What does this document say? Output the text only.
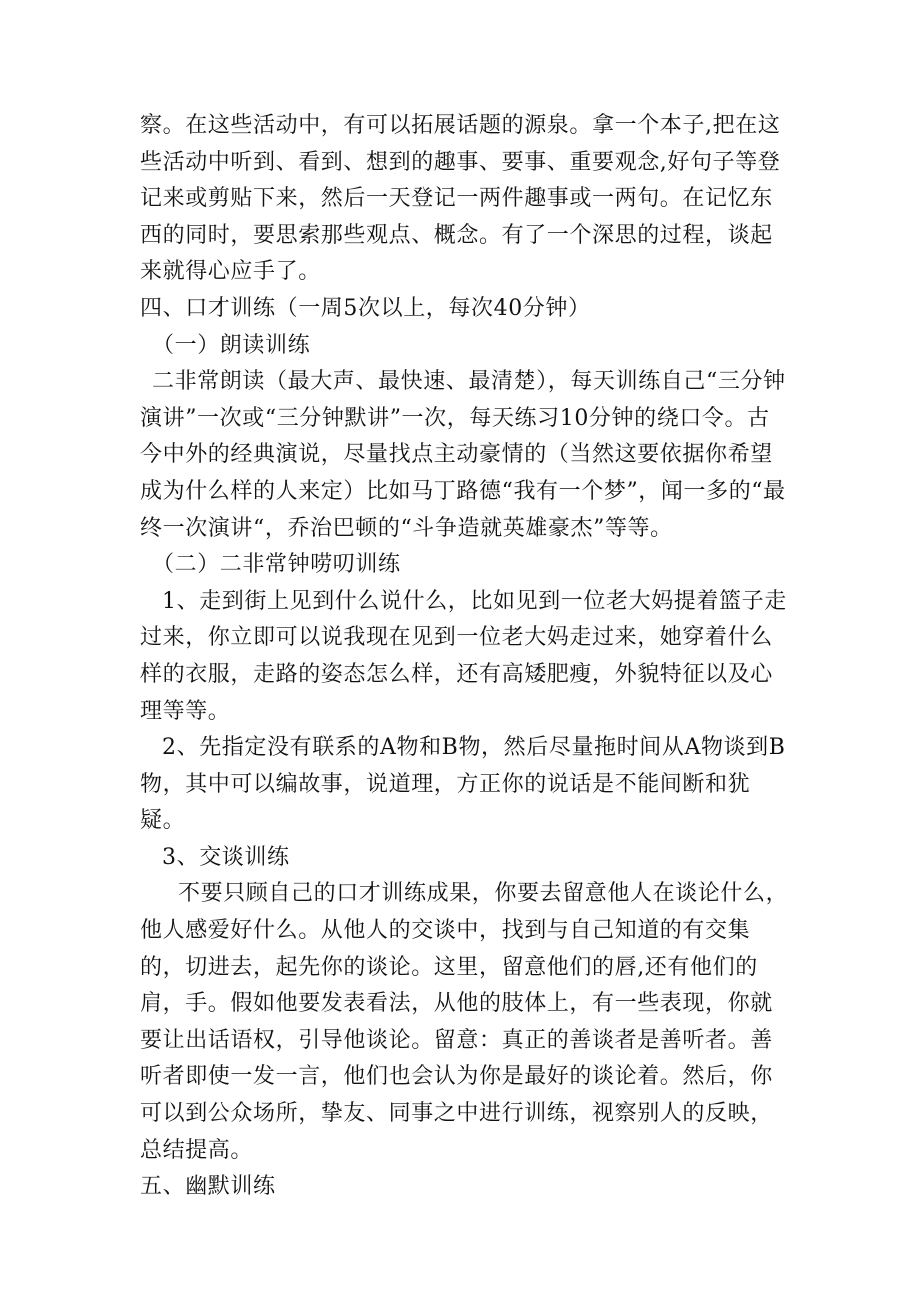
察。在这些活动中，有可以拓展话题的源泉。拿一个本子,把在这些活动中听到、看到、想到的趣事、要事、重要观念,好句子等登记来或剪贴下来，然后一天登记一两件趣事或一两句。在记忆东西的同时，要思索那些观点、概念。有了一个深思的过程，谈起来就得心应手了。

四、口才训练（一周5次以上，每次40分钟）

（一）朗读训练

二非常朗读（最大声、最快速、最清楚），每天训练自己“三分钟演讲”一次或“三分钟默讲”一次，每天练习10分钟的绕口令。古今中外的经典演说，尽量找点主动豪情的（当然这要依据你希望成为什么样的人来定）比如马丁路德“我有一个梦”，闻一多的“最终一次演讲“，乔治巴顿的“斗争造就英雄豪杰”等等。

（二）二非常钟唠叨训练

1、走到街上见到什么说什么，比如见到一位老大妈提着篮子走过来，你立即可以说我现在见到一位老大妈走过来，她穿着什么样的衣服，走路的姿态怎么样，还有高矮肥瘦，外貌特征以及心理等等。

2、先指定没有联系的A物和B物，然后尽量拖时间从A物谈到B物，其中可以编故事，说道理，方正你的说话是不能间断和犹疑。

3、交谈训练

不要只顾自己的口才训练成果，你要去留意他人在谈论什么，他人感爱好什么。从他人的交谈中，找到与自己知道的有交集的，切进去，起先你的谈论。这里，留意他们的唇,还有他们的肩，手。假如他要发表看法，从他的肢体上，有一些表现，你就要让出话语权，引导他谈论。留意：真正的善谈者是善听者。善听者即使一发一言，他们也会认为你是最好的谈论着。然后，你可以到公众场所，挚友、同事之中进行训练，视察别人的反映，总结提高。

五、幽默训练
